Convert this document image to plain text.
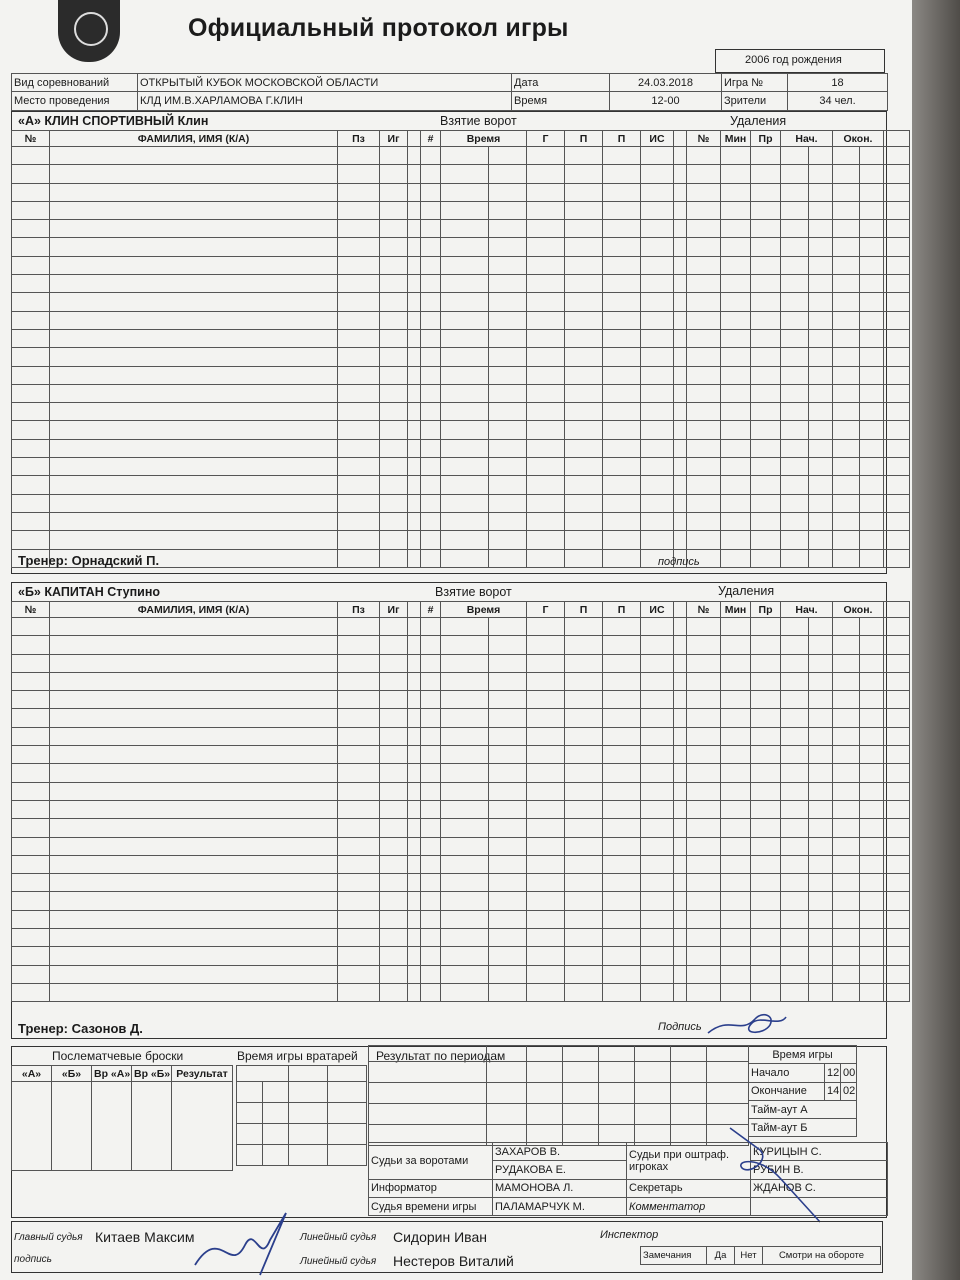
Официальный протокол игры
2006 год рождения
Вид соревнований	ОТКРЫТЫЙ КУБОК МОСКОВСКОЙ ОБЛАСТИ	Дата	24.03.2018	Игра №	18
Место проведения	КЛД ИМ.В.ХАРЛАМОВА Г.КЛИН	Время	12-00	Зрители	34 чел.
«А» КЛИН СПОРТИВНЫЙ Клин	Взятие ворот	Удаления
№	ФАМИЛИЯ, ИМЯ (К/А)	Пз	Иг		#	Время		Г	П	П	ИС		№	Мин	Пр	Нач.		Окон.		

Тренер: Орнадский П.	подпись
«Б» КАПИТАН Ступино	Взятие ворот	Удаления
№	ФАМИЛИЯ, ИМЯ (К/А)	Пз	Иг		#	Время		Г	П	П	ИС		№	Мин	Пр	Нач.		Окон.		

Тренер: Сазонов Д.	Подпись
Послематчевые броски
«А»	«Б»	Вр «А»	Вр «Б»	Результат

Время игры вратарей

			Результат по периодам

								Время игры		
Начало	12	00
Окончание	14	02
Тайм-аут А		
Тайм-аут Б		
Судьи за воротами	ЗАХАРОВ В.	Судьи при оштраф. игроках	КУРИЦЫН С.
	РУДАКОВА Е.		РУБИН В.
Информатор	МАМОНОВА Л.	Секретарь	ЖДАНОВ С.
Судья времени игры	ПАЛАМАРЧУК М.	Комментатор	
Главный судья Китаев Максим
подпись
Линейный судья Сидорин Иван
Линейный судья Нестеров Виталий
Инспектор
Замечания	Да	Нет	Смотри на обороте
